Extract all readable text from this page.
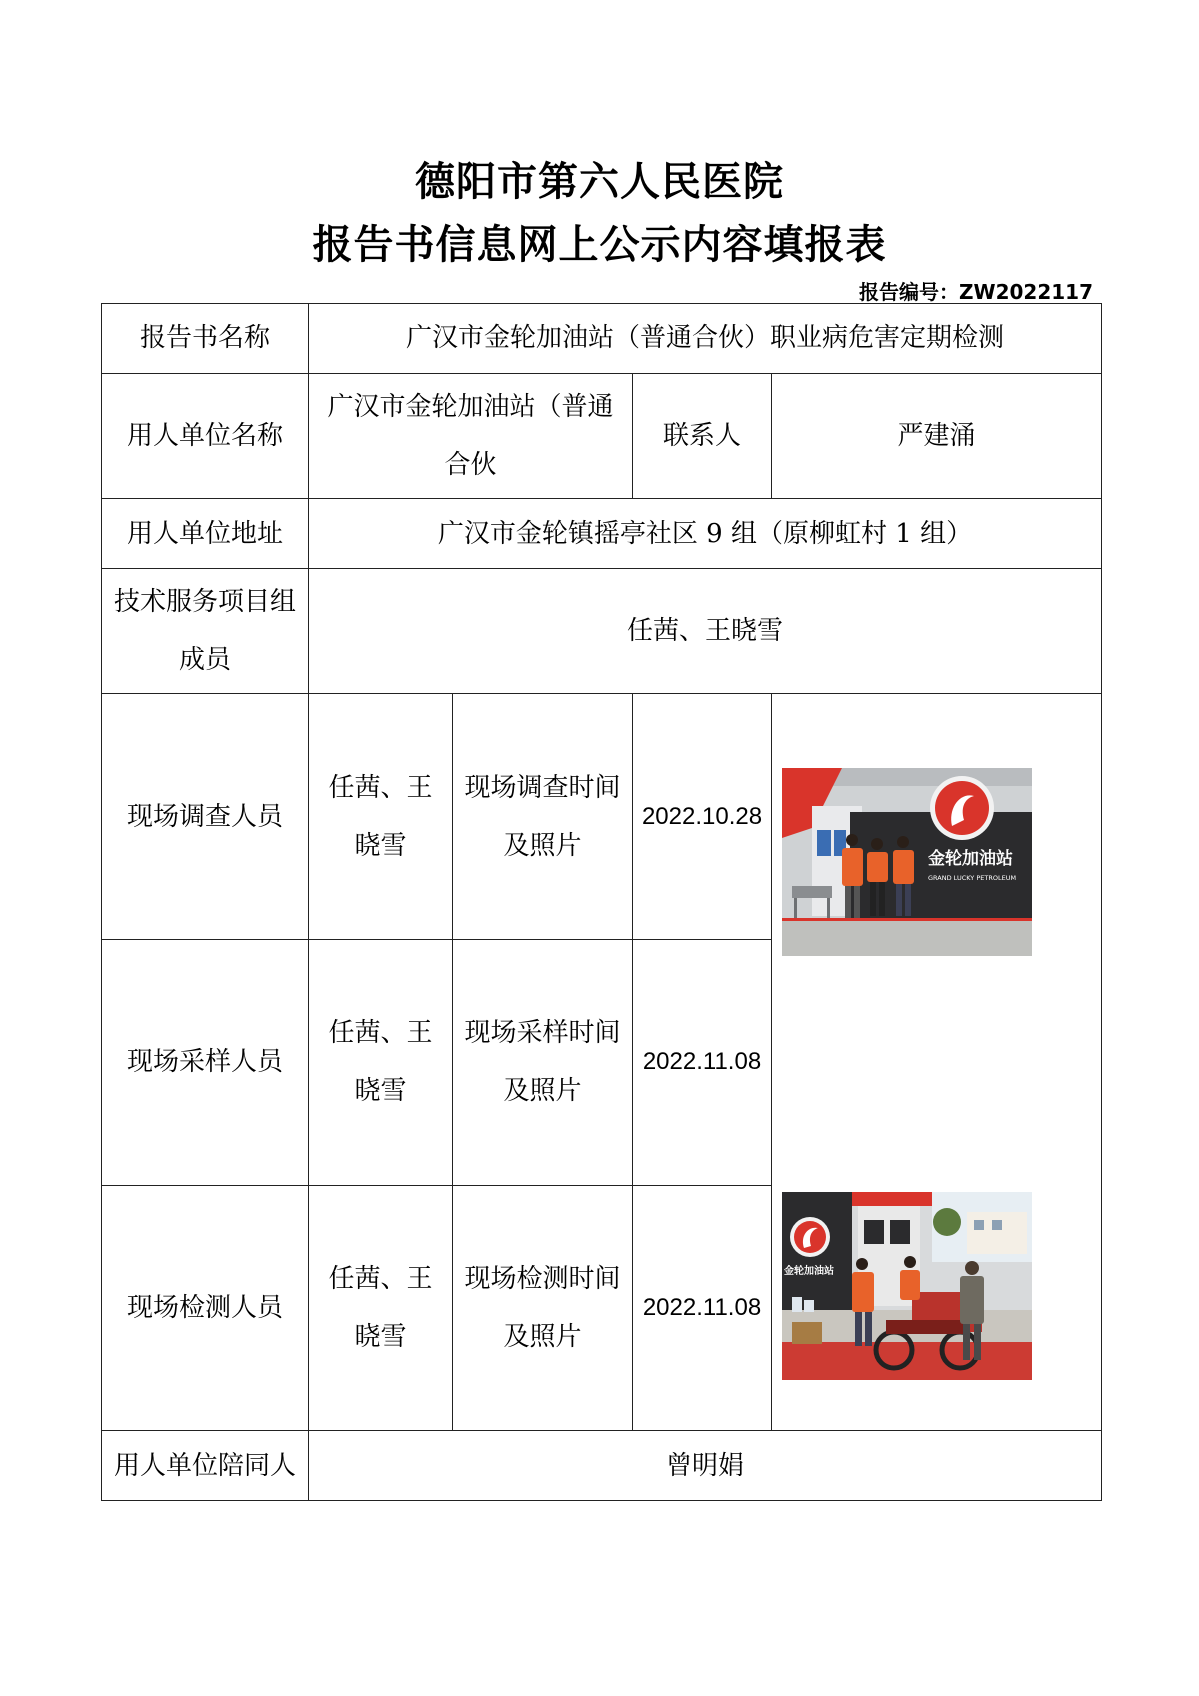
德阳市第六人民医院
报告书信息网上公示内容填报表
报告编号：ZW2022117
报告书名称	广汉市金轮加油站（普通合伙）职业病危害定期检测			
用人单位名称	广汉市金轮加油站（普通合伙		联系人	严建涌
用人单位地址	广汉市金轮镇摇亭社区 9 组（原柳虹村 1 组）			
技术服务项目组成员	任茜、王晓雪			
现场调查人员	任茜、王晓雪	现场调查时间及照片	2022.10.28	金轮加油站
GRAND LUCKY PETROLEUM
金轮加油站

现场采样人员	任茜、王晓雪	现场采样时间及照片	2022.11.08	
现场检测人员	任茜、王晓雪	现场检测时间及照片	2022.11.08	
用人单位陪同人	曾明娟			
